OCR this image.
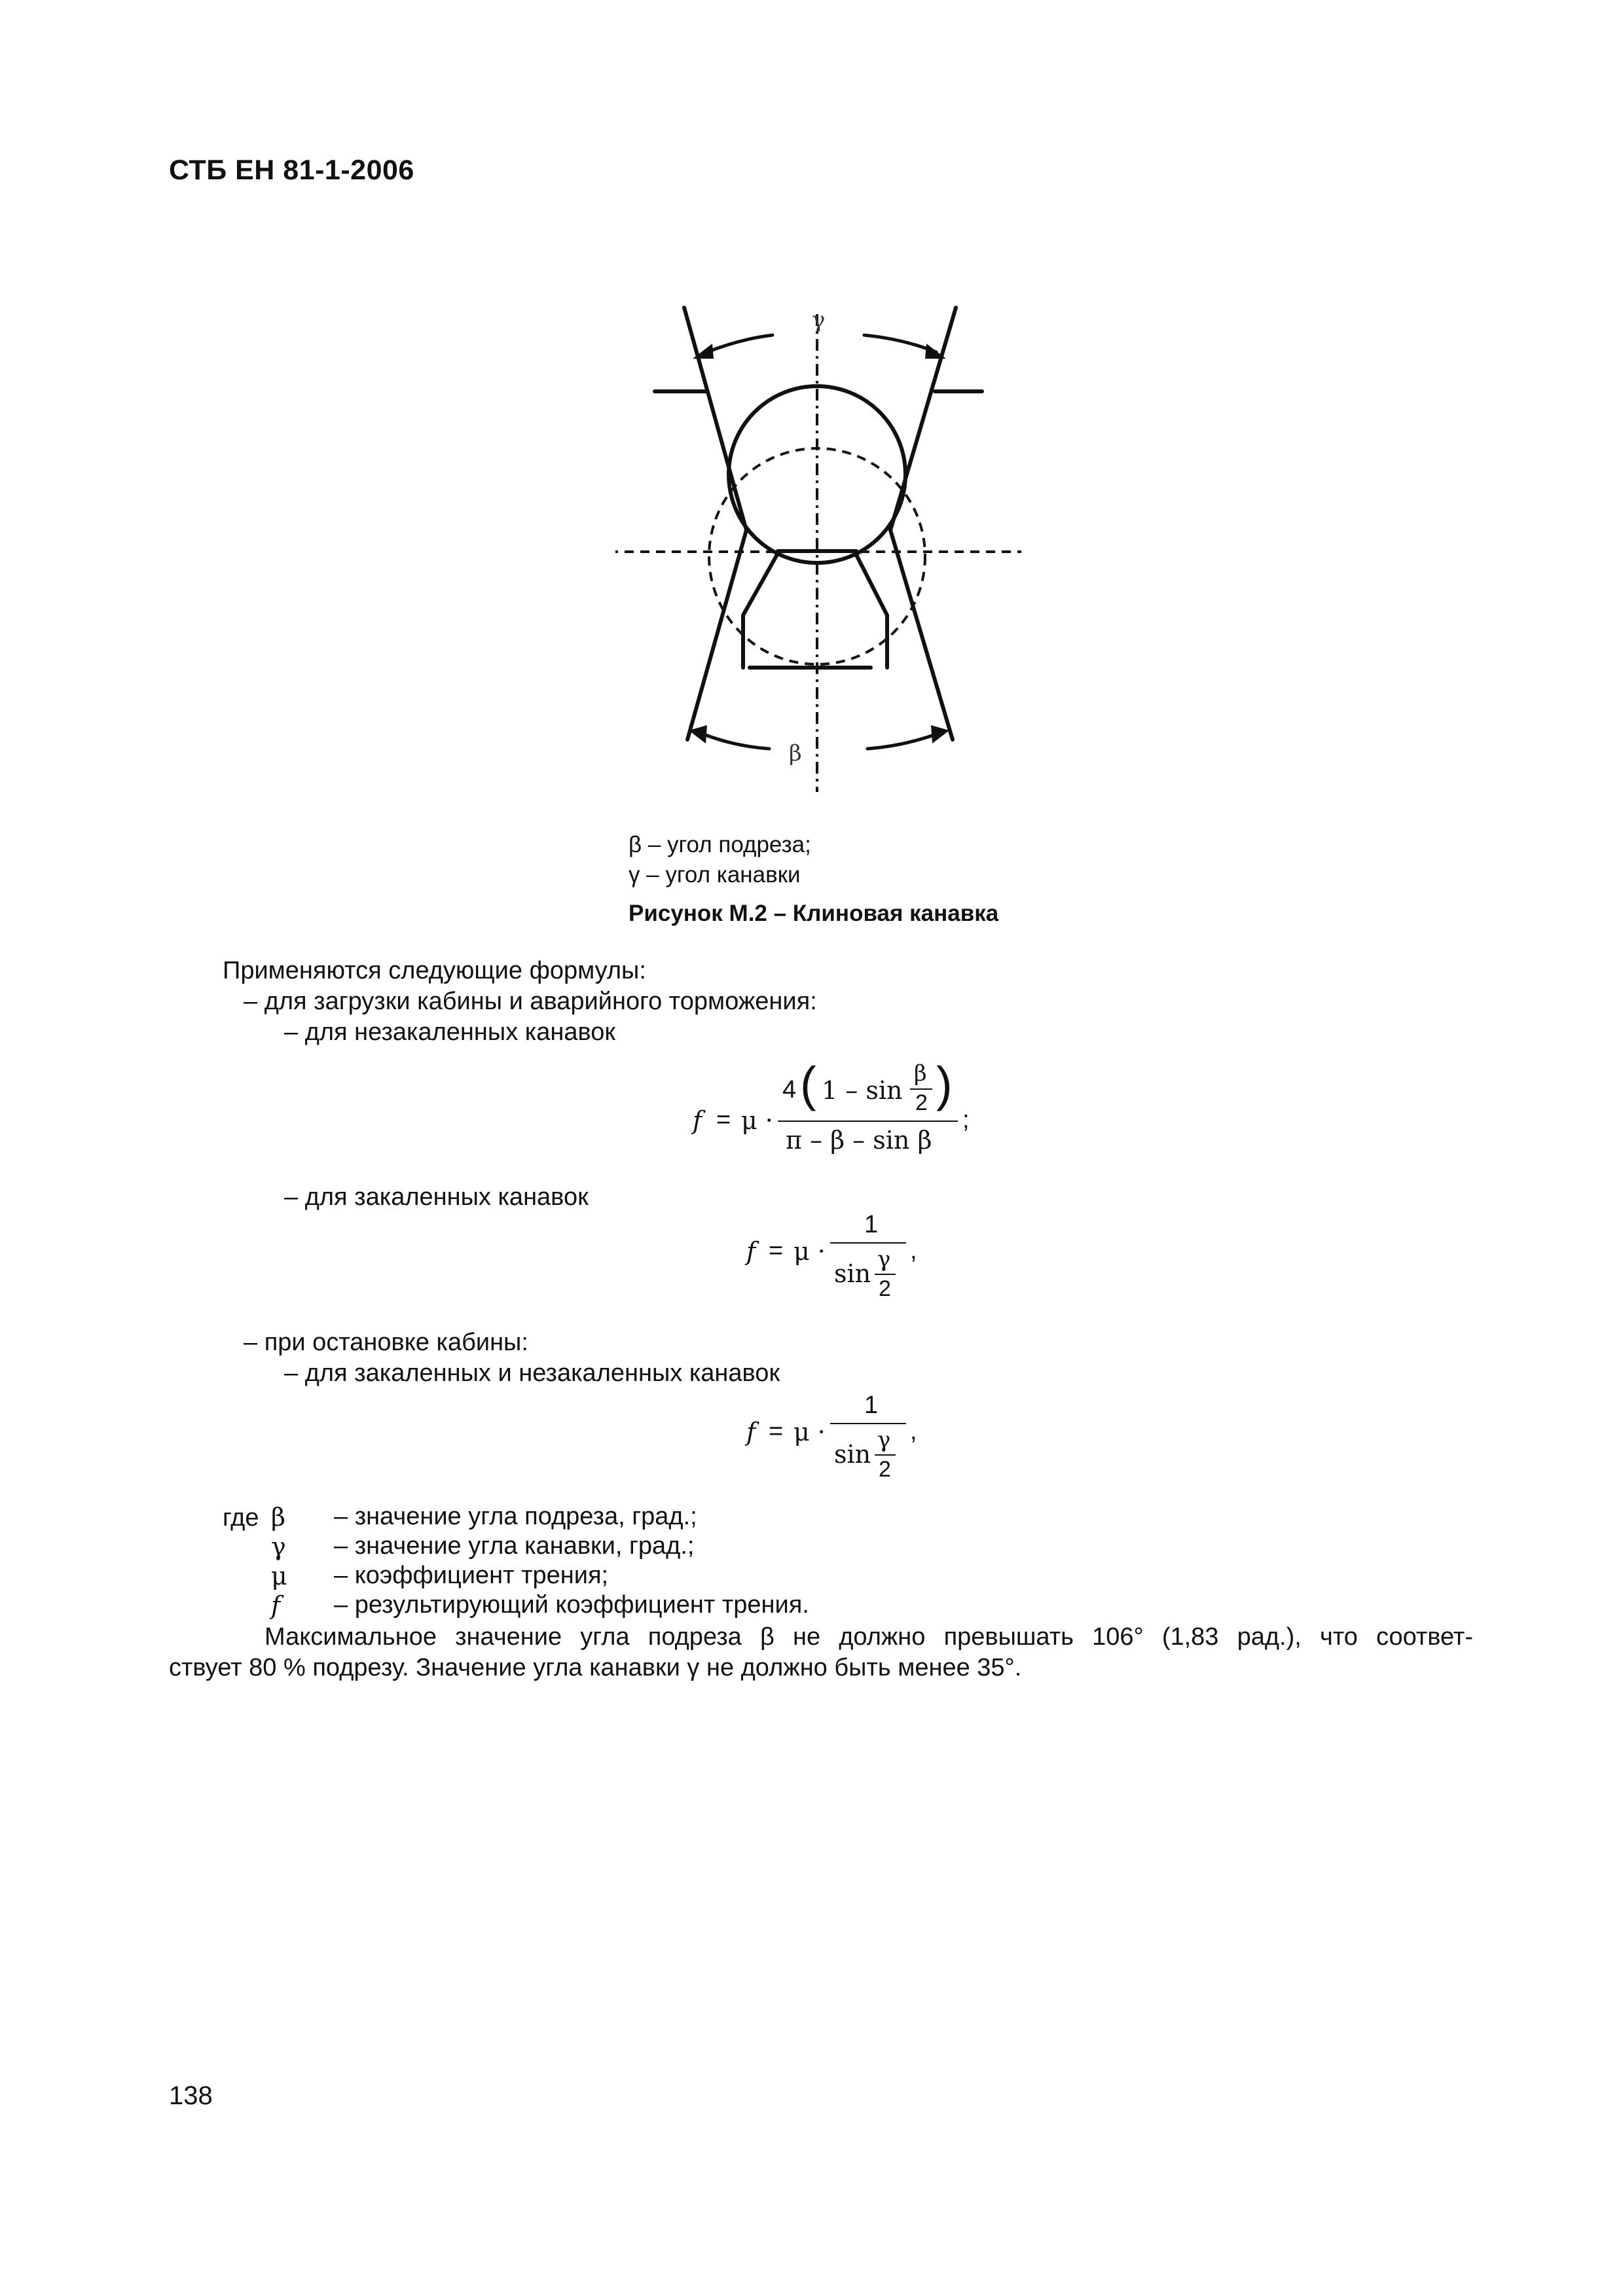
СТБ ЕН 81-1-2006
γ
β
β – угол подреза;
γ – угол канавки
Рисунок М.2 – Клиновая канавка
Применяются следующие формулы:
– для загрузки кабины и аварийного торможения:
– для незакаленных канавок
f = μ ·
4 ( 1 – sin
β
2 )
π – β – sin β
;
– для закаленных канавок
f = μ ·
1
sin γ
2
,
– при остановке кабины:
– для закаленных и незакаленных канавок
f = μ ·
1
sin γ
2
,
где β	– значение угла подреза, град.;
γ	– значение угла канавки, град.;
μ	– коэффициент трения;
f	– результирующий коэффициент трения.
Максимальное значение угла подреза β не должно превышать 106° (1,83 рад.), что соответ-
ствует 80 % подрезу. Значение угла канавки γ не должно быть менее 35°.
138
